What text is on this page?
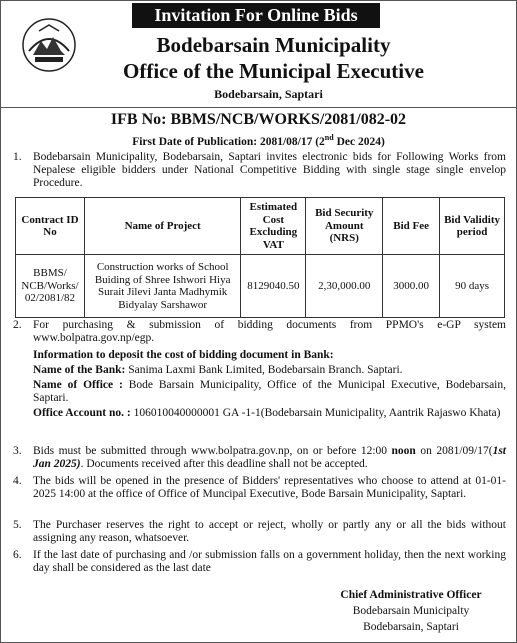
Invitation For Online Bids
Bodebarsain Municipality
Office of the Municipal Executive
Bodebarsain, Saptari
IFB No: BBMS/NCB/WORKS/2081/082-02
First Date of Publication: 2081/08/17 (2nd Dec 2024)
1. Bodebarsain Municipality, Bodebarsain, Saptari invites electronic bids for Following Works from Nepalese eligible bidders under National Competitive Bidding with single stage single envelop Procedure.
Contract ID No	Name of Project	Estimated Cost Excluding VAT	Bid Security Amount (NRS)	Bid Fee	Bid Validity period
BBMS/ NCB/Works/ 02/2081/82	Construction works of School Buiding of Shree Ishwori Hiya Surait Jilevi Janta Madhymik Bidyalay Sarshawor	8129040.50	2,30,000.00	3000.00	90 days
2. For purchasing & submission of bidding documents from PPMO's e-GP system www.bolpatra.gov.np/egp.
Information to deposit the cost of bidding document in Bank:
Name of the Bank: Sanima Laxmi Bank Limited, Bodebarsain Branch. Saptari.
Name of Office : Bode Barsain Municipality, Office of the Municipal Executive, Bodebarsain, Saptari.
Office Account no. : 106010040000001 GA -1-1(Bodebarsain Municipality, Aantrik Rajaswo Khata)
3. Bids must be submitted through www.bolpatra.gov.np, on or before 12:00 noon on 2081/09/17(1st Jan 2025). Documents received after this deadline shall not be accepted.
4. The bids will be opened in the presence of Bidders' representatives who choose to attend at 01-01-2025 14:00 at the office of Office of Muncipal Executive, Bode Barsain Municipality, Saptari.
5. The Purchaser reserves the right to accept or reject, wholly or partly any or all the bids without assigning any reason, whatsoever.
6. If the last date of purchasing and /or submission falls on a government holiday, then the next working day shall be considered as the last date
Chief Administrative Officer
Bodebarsain Municipalty
Bodebarsain, Saptari
